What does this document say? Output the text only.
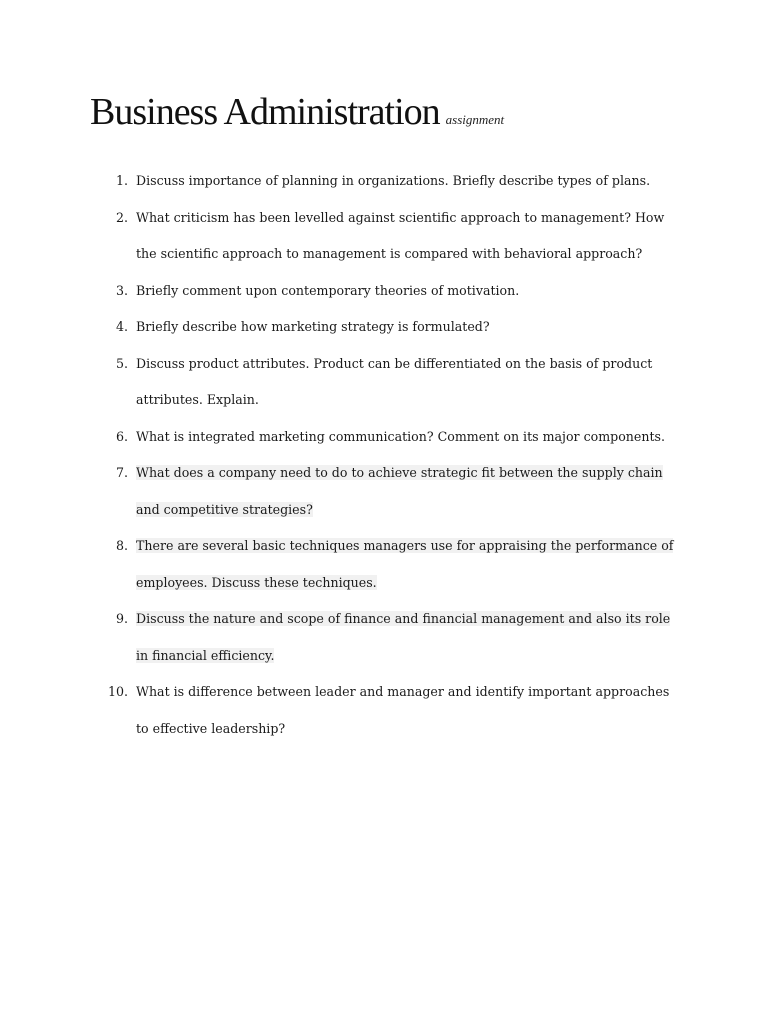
Business Administration assignment
1. Discuss importance of planning in organizations. Briefly describe types of plans.
2. What criticism has been levelled against scientific approach to management? How
the scientific approach to management is compared with behavioral approach?
3. Briefly comment upon contemporary theories of motivation.
4. Briefly describe how marketing strategy is formulated?
5. Discuss product attributes. Product can be differentiated on the basis of product
attributes. Explain.
6. What is integrated marketing communication? Comment on its major components.
7. What does a company need to do to achieve strategic fit between the supply chain
and competitive strategies?
8. There are several basic techniques managers use for appraising the performance of
employees. Discuss these techniques.
9. Discuss the nature and scope of finance and financial management and also its role
in financial efficiency.
10. What is difference between leader and manager and identify important approaches
to effective leadership?
